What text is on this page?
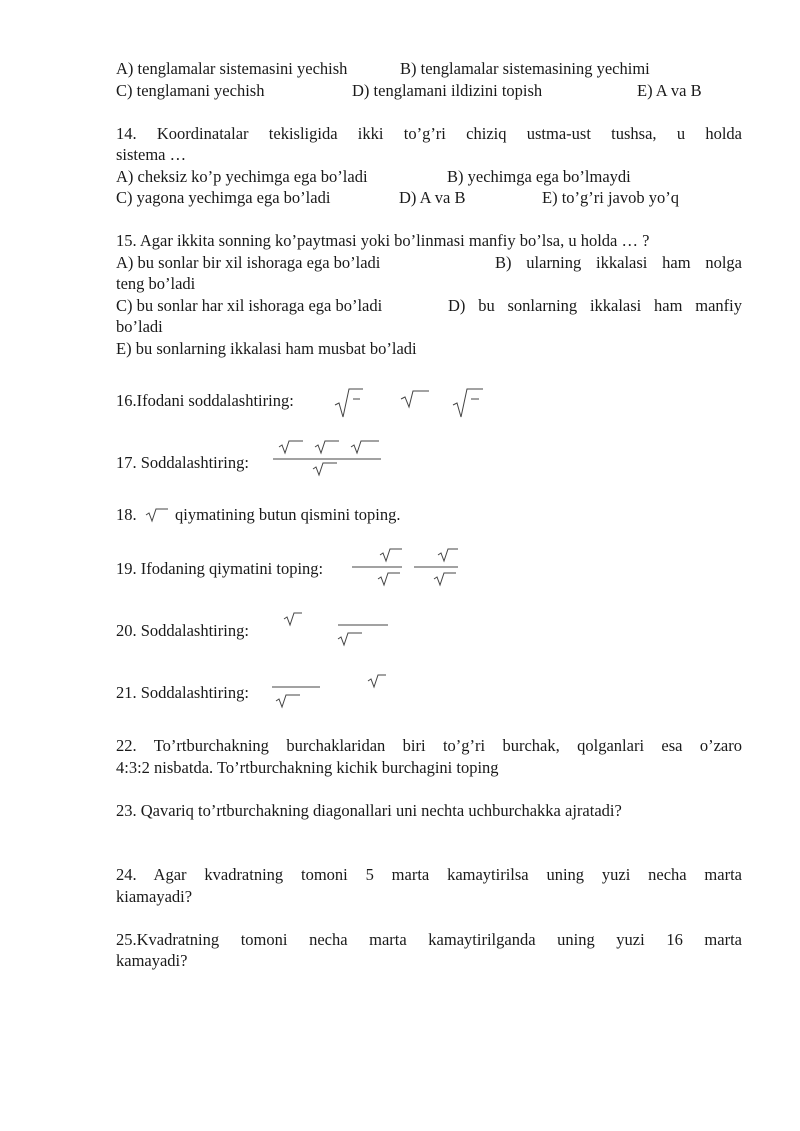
A) tenglamalar sistemasini yechish	B) tenglamalar sistemasining yechimi
C) tenglamani yechish	D) tenglamani ildizini topish	E) A va B
14. Koordinatalar tekisligida ikki to’g’ri chiziq ustma-ust tushsa, u holda
sistema …
A) cheksiz ko’p yechimga ega bo’ladi	B) yechimga ega bo’lmaydi
C) yagona yechimga ega bo’ladi	D) A va B	E) to’g’ri javob yo’q
15. Agar ikkita sonning ko’paytmasi yoki bo’linmasi manfiy bo’lsa, u holda … ?
A) bu sonlar bir xil ishoraga ega bo’ladi	B) ularning ikkalasi ham nolga
teng bo’ladi
C) bu sonlar har xil ishoraga ega bo’ladi	D) bu sonlarning ikkalasi ham manfiy
bo’ladi
E) bu sonlarning ikkalasi ham musbat bo’ladi
16.Ifodani soddalashtiring:
17. Soddalashtiring:
18. qiymatining butun qismini toping.
19. Ifodaning qiymatini toping:
20. Soddalashtiring:
21. Soddalashtiring:
22. To’rtburchakning burchaklaridan biri to’g’ri burchak, qolganlari esa o’zaro
4:3:2 nisbatda. To’rtburchakning kichik burchagini toping
23. Qavariq to’rtburchakning diagonallari uni nechta uchburchakka ajratadi?
24. Agar kvadratning tomoni 5 marta kamaytirilsa uning yuzi necha marta
kiamayadi?
25.Kvadratning tomoni necha marta kamaytirilganda uning yuzi 16 marta
kamayadi?
